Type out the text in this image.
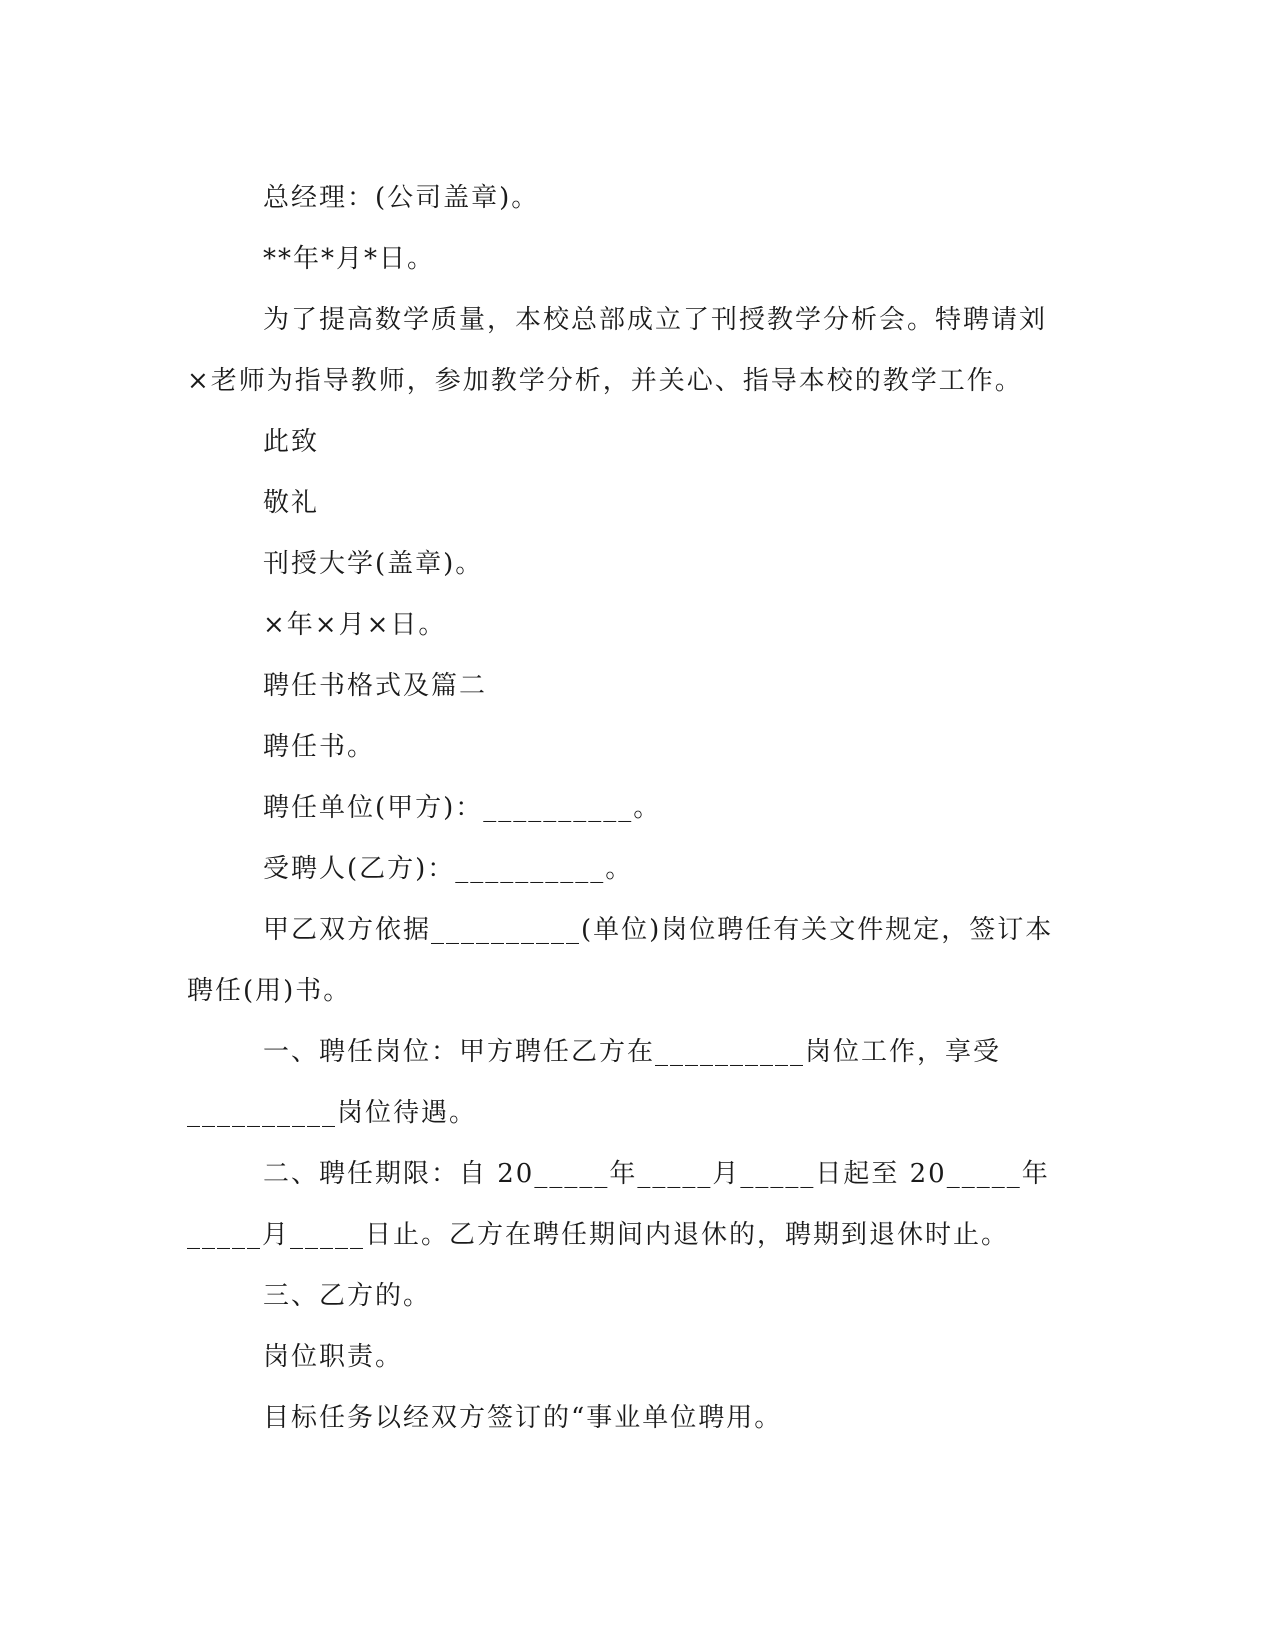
总经理：(公司盖章)。
**年*月*日。
为了提高数学质量，本校总部成立了刊授教学分析会。特聘请刘
×老师为指导教师，参加教学分析，并关心、指导本校的教学工作。
此致
敬礼
刊授大学(盖章)。
×年×月×日。
聘任书格式及篇二
聘任书。
聘任单位(甲方)：__________。
受聘人(乙方)：__________。
甲乙双方依据__________(单位)岗位聘任有关文件规定，签订本
聘任(用)书。
一、聘任岗位：甲方聘任乙方在__________岗位工作，享受
__________岗位待遇。
二、聘任期限：自 20_____年_____月_____日起至 20_____年
_____月_____日止。乙方在聘任期间内退休的，聘期到退休时止。
三、乙方的。
岗位职责。
目标任务以经双方签订的“事业单位聘用。
